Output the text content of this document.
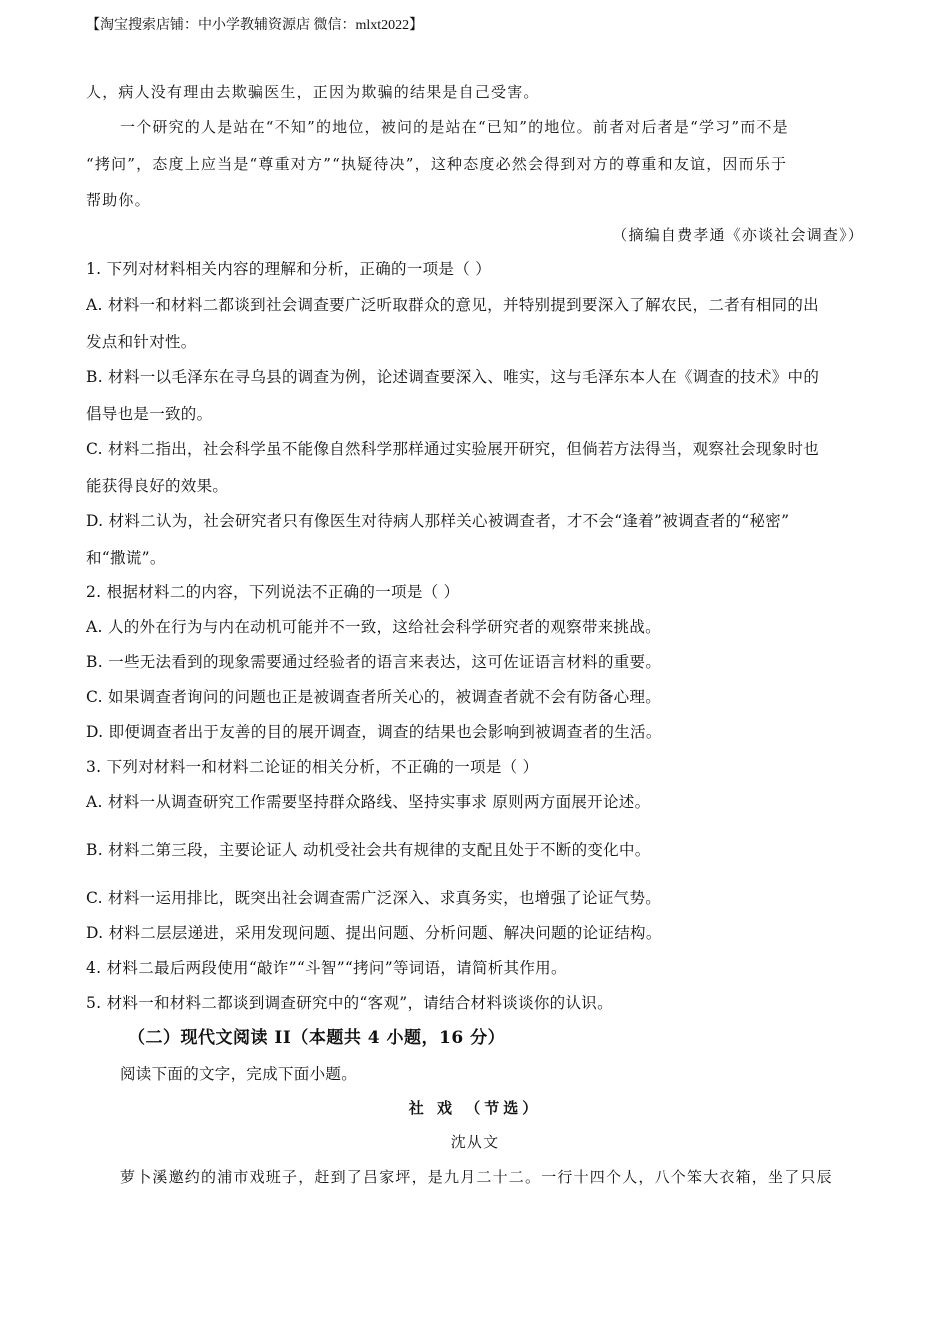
【淘宝搜索店铺：中小学教辅资源店 微信：mlxt2022】
人，病人没有理由去欺骗医生，正因为欺骗的结果是自己受害。
一个研究的人是站在“不知”的地位，被问的是站在“已知”的地位。前者对后者是“学习”而不是
“拷问”，态度上应当是“尊重对方”“执疑待决”，这种态度必然会得到对方的尊重和友谊，因而乐于
帮助你。
（摘编自费孝通《亦谈社会调查》）
1. 下列对材料相关内容的理解和分析，正确的一项是（ ）
A. 材料一和材料二都谈到社会调查要广泛听取群众的意见，并特别提到要深入了解农民，二者有相同的出
发点和针对性。
B. 材料一以毛泽东在寻乌县的调查为例，论述调查要深入、唯实，这与毛泽东本人在《调查的技术》中的
倡导也是一致的。
C. 材料二指出，社会科学虽不能像自然科学那样通过实验展开研究，但倘若方法得当，观察社会现象时也
能获得良好的效果。
D. 材料二认为，社会研究者只有像医生对待病人那样关心被调查者，才不会“逢着”被调查者的“秘密”
和“撒谎”。
2. 根据材料二的内容，下列说法不正确的一项是（ ）
A. 人的外在行为与内在动机可能并不一致，这给社会科学研究者的观察带来挑战。
B. 一些无法看到的现象需要通过经验者的语言来表达，这可佐证语言材料的重要。
C. 如果调查者询问的问题也正是被调查者所关心的，被调查者就不会有防备心理。
D. 即便调查者出于友善的目的展开调查，调查的结果也会影响到被调查者的生活。
3. 下列对材料一和材料二论证的相关分析，不正确的一项是（ ）
A. 材料一从调查研究工作需要坚持群众路线、坚持实事求 原则两方面展开论述。
B. 材料二第三段，主要论证人 动机受社会共有规律的支配且处于不断的变化中。
C. 材料一运用排比，既突出社会调查需广泛深入、求真务实，也增强了论证气势。
D. 材料二层层递进，采用发现问题、提出问题、分析问题、解决问题的论证结构。
4. 材料二最后两段使用“敲诈”“斗智”“拷问”等词语，请简析其作用。
5. 材料一和材料二都谈到调查研究中的“客观”，请结合材料谈谈你的认识。
（二）现代文阅读 II（本题共 4 小题，16 分）
阅读下面的文字，完成下面小题。
社 戏 （节选）
沈从文
萝卜溪邀约的浦市戏班子，赶到了吕家坪，是九月二十二。一行十四个人，八个笨大衣箱，坐了只辰
